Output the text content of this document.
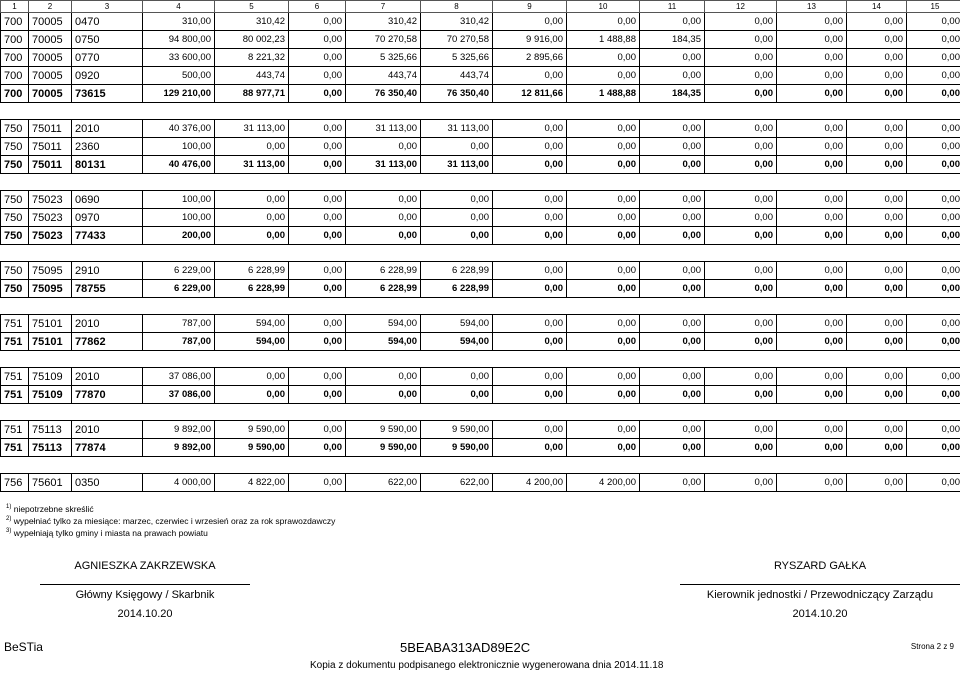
1	2	3	4	5	6	7	8	9	10	11	12	13	14	15
700	70005	0470	310,00	310,42	0,00	310,42	310,42	0,00	0,00	0,00	0,00	0,00	0,00	0,00
700	70005	0750	94 800,00	80 002,23	0,00	70 270,58	70 270,58	9 916,00	1 488,88	184,35	0,00	0,00	0,00	0,00
700	70005	0770	33 600,00	8 221,32	0,00	5 325,66	5 325,66	2 895,66	0,00	0,00	0,00	0,00	0,00	0,00
700	70005	0920	500,00	443,74	0,00	443,74	443,74	0,00	0,00	0,00	0,00	0,00	0,00	0,00
700	70005	73615	129 210,00	88 977,71	0,00	76 350,40	76 350,40	12 811,66	1 488,88	184,35	0,00	0,00	0,00	0,00

750	75011	2010	40 376,00	31 113,00	0,00	31 113,00	31 113,00	0,00	0,00	0,00	0,00	0,00	0,00	0,00
750	75011	2360	100,00	0,00	0,00	0,00	0,00	0,00	0,00	0,00	0,00	0,00	0,00	0,00
750	75011	80131	40 476,00	31 113,00	0,00	31 113,00	31 113,00	0,00	0,00	0,00	0,00	0,00	0,00	0,00

750	75023	0690	100,00	0,00	0,00	0,00	0,00	0,00	0,00	0,00	0,00	0,00	0,00	0,00
750	75023	0970	100,00	0,00	0,00	0,00	0,00	0,00	0,00	0,00	0,00	0,00	0,00	0,00
750	75023	77433	200,00	0,00	0,00	0,00	0,00	0,00	0,00	0,00	0,00	0,00	0,00	0,00

750	75095	2910	6 229,00	6 228,99	0,00	6 228,99	6 228,99	0,00	0,00	0,00	0,00	0,00	0,00	0,00
750	75095	78755	6 229,00	6 228,99	0,00	6 228,99	6 228,99	0,00	0,00	0,00	0,00	0,00	0,00	0,00

751	75101	2010	787,00	594,00	0,00	594,00	594,00	0,00	0,00	0,00	0,00	0,00	0,00	0,00
751	75101	77862	787,00	594,00	0,00	594,00	594,00	0,00	0,00	0,00	0,00	0,00	0,00	0,00

751	75109	2010	37 086,00	0,00	0,00	0,00	0,00	0,00	0,00	0,00	0,00	0,00	0,00	0,00
751	75109	77870	37 086,00	0,00	0,00	0,00	0,00	0,00	0,00	0,00	0,00	0,00	0,00	0,00

751	75113	2010	9 892,00	9 590,00	0,00	9 590,00	9 590,00	0,00	0,00	0,00	0,00	0,00	0,00	0,00
751	75113	77874	9 892,00	9 590,00	0,00	9 590,00	9 590,00	0,00	0,00	0,00	0,00	0,00	0,00	0,00

756	75601	0350	4 000,00	4 822,00	0,00	622,00	622,00	4 200,00	4 200,00	0,00	0,00	0,00	0,00	0,00
$^{1)}$ niepotrzebne skreślić
$^{2)}$ wypełniać tylko za miesiące: marzec, czerwiec i wrzesień oraz za rok sprawozdawczy
$^{3)}$ wypełniają tylko gminy i miasta na prawach powiatu
AGNIESZKA ZAKRZEWSKA
Główny Księgowy / Skarbnik
2014.10.20
RYSZARD GAŁKA
Kierownik jednostki / Przewodniczący Zarządu
2014.10.20
BeSTia	5BEABA313AD89E2C	Strona 2 z 9
Kopia z dokumentu podpisanego elektronicznie wygenerowana dnia 2014.11.18
